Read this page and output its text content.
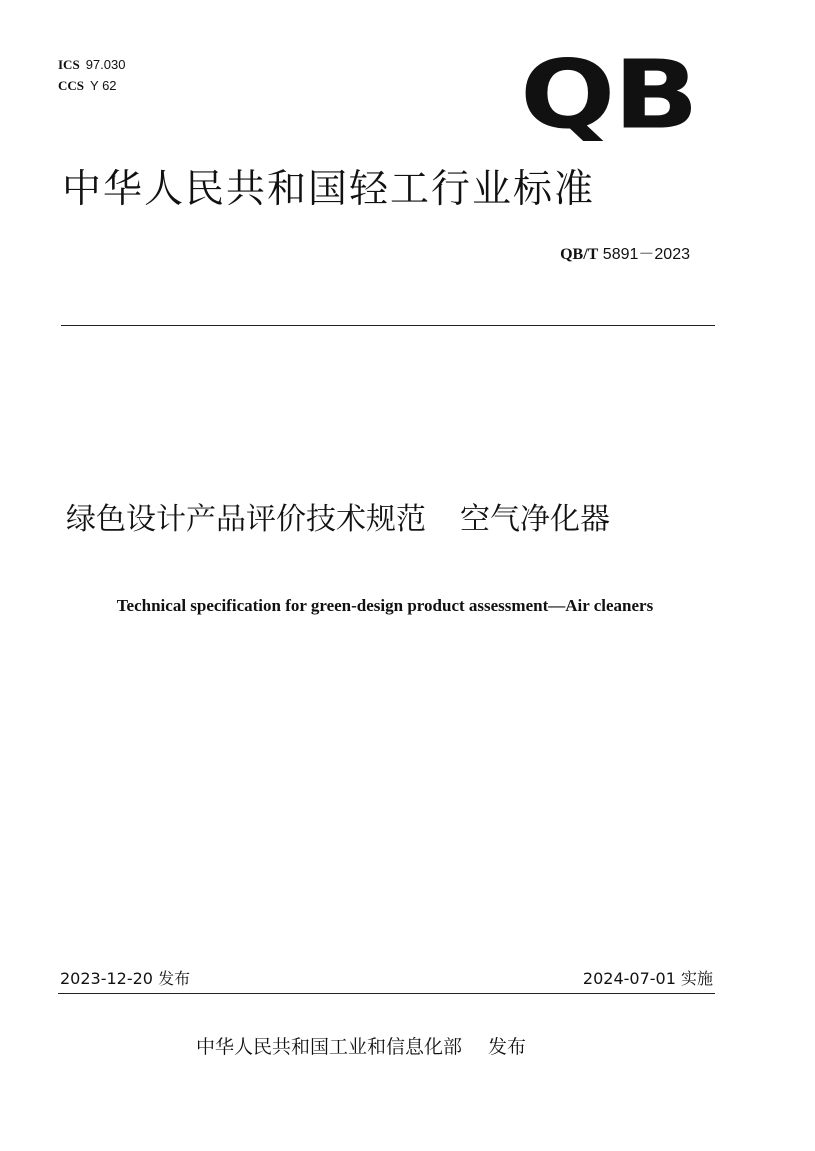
ICS 97.030
CCS Y 62	QB
中华人民共和国轻工行业标准
QB/T 5891－2023
绿色设计产品评价技术规范 空气净化器
Technical specification for green-design product assessment—Air cleaners
2023-12-20 发布	2024-07-01 实施
中华人民共和国工业和信息化部 发布
